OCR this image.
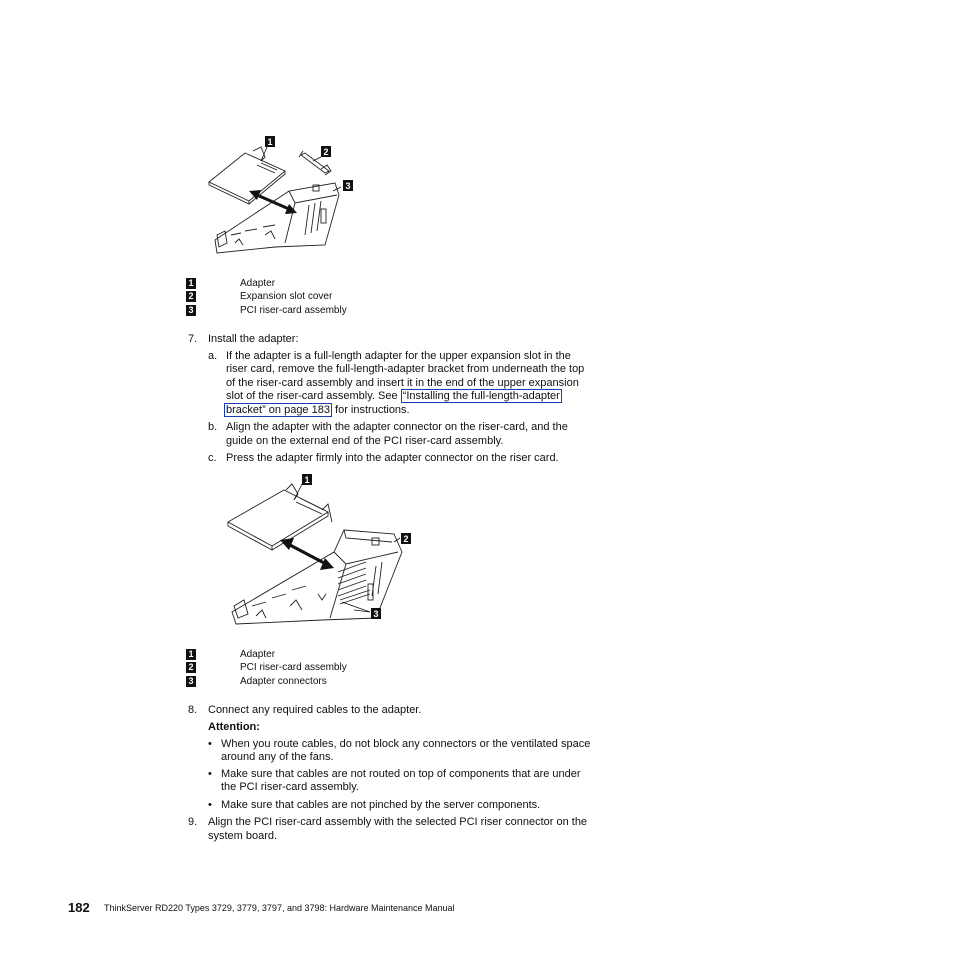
1
2
3
1	Adapter
2	Expansion slot cover
3	PCI riser-card assembly
7. Install the adapter:
a. If the adapter is a full-length adapter for the upper expansion slot in the
riser card, remove the full-length-adapter bracket from underneath the top
of the riser-card assembly and insert it in the end of the upper expansion
slot of the riser-card assembly. See “Installing the full-length-adapter
bracket” on page 183 for instructions.
b. Align the adapter with the adapter connector on the riser-card, and the
guide on the external end of the PCI riser-card assembly.
c. Press the adapter firmly into the adapter connector on the riser card.
1
2
3
1	Adapter
2	PCI riser-card assembly
3	Adapter connectors
8. Connect any required cables to the adapter.
Attention:
• When you route cables, do not block any connectors or the ventilated space
around any of the fans.
• Make sure that cables are not routed on top of components that are under
the PCI riser-card assembly.
• Make sure that cables are not pinched by the server components.
9. Align the PCI riser-card assembly with the selected PCI riser connector on the
system board.
182 ThinkServer RD220 Types 3729, 3779, 3797, and 3798: Hardware Maintenance Manual
